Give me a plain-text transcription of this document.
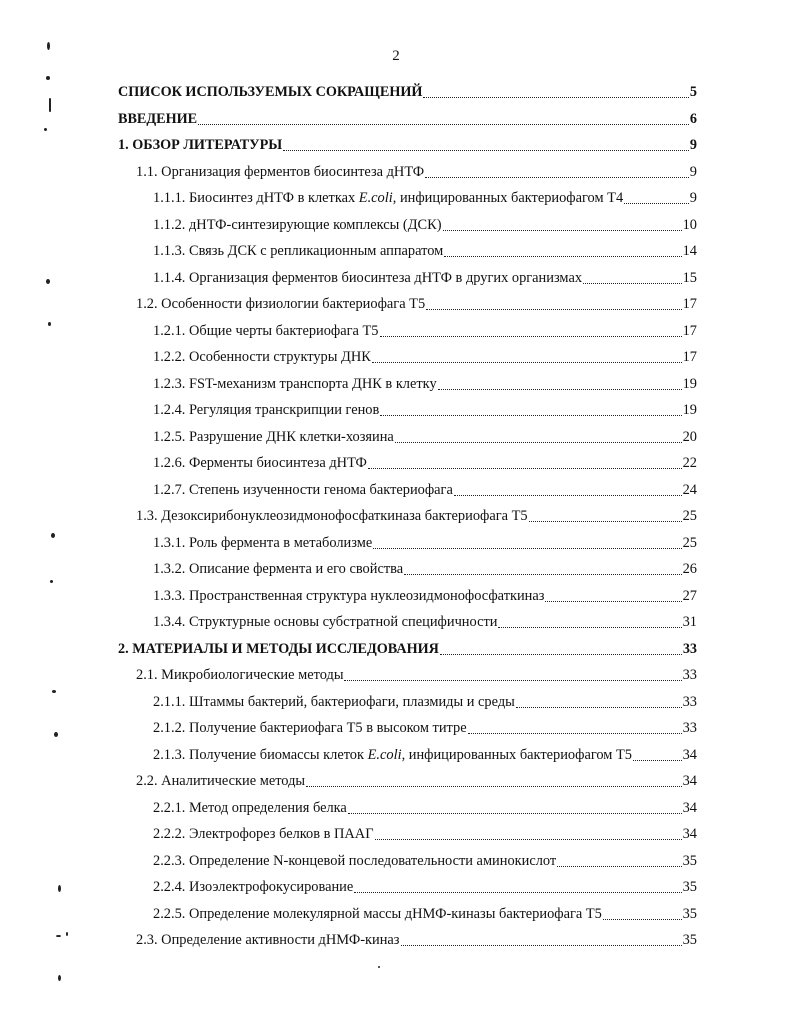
2
СПИСОК ИСПОЛЬЗУЕМЫХ СОКРАЩЕНИЙ	5
ВВЕДЕНИЕ	6
1. ОБЗОР ЛИТЕРАТУРЫ	9
1.1. Организация ферментов биосинтеза дНТФ	9
1.1.1. Биосинтез дНТФ в клетках E.coli, инфицированных бактериофагом Т4	9
1.1.2. дНТФ-синтезирующие комплексы (ДСК)	10
1.1.3. Связь ДСК с репликационным аппаратом	14
1.1.4. Организация ферментов биосинтеза дНТФ в других организмах	15
1.2. Особенности физиологии бактериофага Т5	17
1.2.1. Общие черты бактериофага Т5	17
1.2.2. Особенности структуры ДНК	17
1.2.3. FST-механизм транспорта ДНК в клетку	19
1.2.4. Регуляция транскрипции генов	19
1.2.5. Разрушение ДНК клетки-хозяина	20
1.2.6. Ферменты биосинтеза дНТФ	22
1.2.7. Степень изученности генома бактериофага	24
1.3. Дезоксирибонуклеозидмонофосфаткиназа бактериофага Т5	25
1.3.1. Роль фермента в метаболизме	25
1.3.2. Описание фермента и его свойства	26
1.3.3. Пространственная структура нуклеозидмонофосфаткиназ	27
1.3.4. Структурные основы субстратной специфичности	31
2. МАТЕРИАЛЫ И МЕТОДЫ ИССЛЕДОВАНИЯ	33
2.1. Микробиологические методы	33
2.1.1. Штаммы бактерий, бактериофаги, плазмиды и среды	33
2.1.2. Получение бактериофага Т5 в высоком титре	33
2.1.3. Получение биомассы клеток E.coli, инфицированных бактериофагом Т5	34
2.2. Аналитические методы	34
2.2.1. Метод определения белка	34
2.2.2. Электрофорез белков в ПААГ	34
2.2.3. Определение N-концевой последовательности аминокислот	35
2.2.4. Изоэлектрофокусирование	35
2.2.5. Определение молекулярной массы дНМФ-киназы бактериофага Т5	35
2.3. Определение активности дНМФ-киназ	35
